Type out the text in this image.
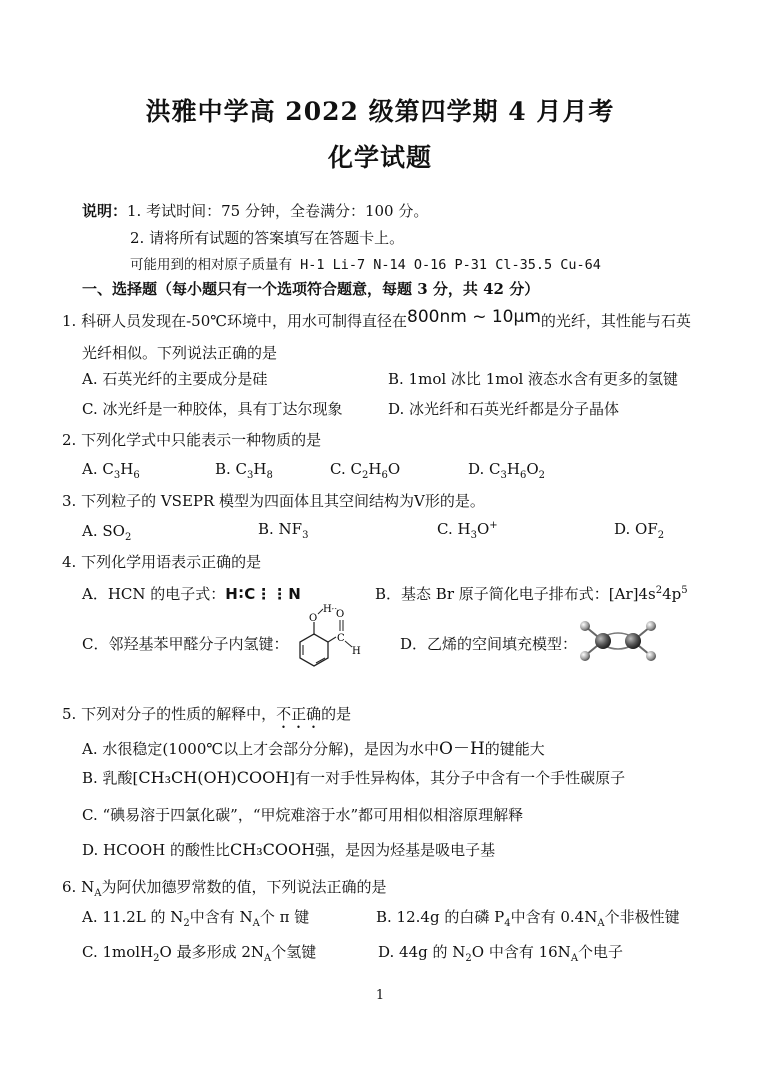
洪雅中学高 2022 级第四学期 4 月月考
化学试题
说明：1. 考试时间：75 分钟，全卷满分：100 分。
2. 请将所有试题的答案填写在答题卡上。
可能用到的相对原子质量有 H-1 Li-7 N-14 O-16 P-31 Cl-35.5 Cu-64
一、选择题（每小题只有一个选项符合题意，每题 3 分，共 42 分）
1. 科研人员发现在-50℃环境中，用水可制得直径在800nm ~ 10μm的光纤，其性能与石英
光纤相似。下列说法正确的是
A. 石英光纤的主要成分是硅	B. 1mol 冰比 1mol 液态水含有更多的氢键
C. 冰光纤是一种胶体，具有丁达尔现象	D. 冰光纤和石英光纤都是分子晶体
2. 下列化学式中只能表示一种物质的是
A. $C_3H_6$	B. $C_3H_8$	C. $C_2H_6O$	D. $C_3H_6O_2$
3. 下列粒子的 VSEPR 模型为四面体且其空间结构为V形的是。
A. $SO_2$	B. $NF_3$	C. $H_3O^+$	D. $OF_2$
4. 下列化学用语表示正确的是
A．HCN 的电子式：H∶C⋮⋮N	B．基态 Br 原子简化电子排布式：$[Ar]4s^24p^5$
C．邻羟基苯甲醛分子内氢键：
O
H O
C
H	D．乙烯的空间填充模型：
5. 下列对分子的性质的解释中，不正确的是
A. 水很稳定(1000℃以上才会部分分解)，是因为水中O－H的键能大
B. 乳酸[CH₃CH(OH)COOH]有一对手性异构体，其分子中含有一个手性碳原子
C. “碘易溶于四氯化碳”，“甲烷难溶于水”都可用相似相溶原理解释
D. HCOOH 的酸性比CH₃COOH强，是因为烃基是吸电子基
6. $N_A$为阿伏加德罗常数的值，下列说法正确的是
A. 11.2L 的 $N_2$中含有 $N_A$个 π 键	B. 12.4g 的白磷 $P_4$中含有 $0.4N_A$个非极性键
C. 1molH$_2$O 最多形成 $2N_A$个氢键	D. 44g 的 $N_2O$ 中含有 $16N_A$个电子
1
